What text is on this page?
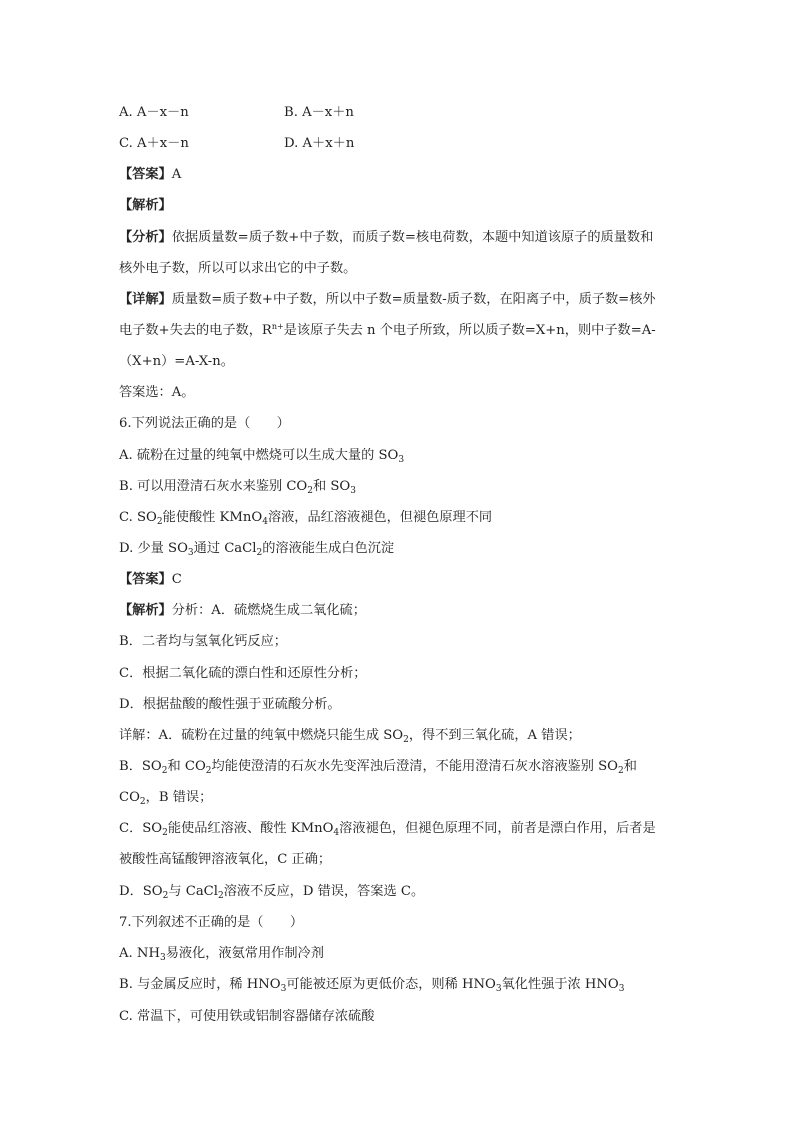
A. A－x－n	B. A－x＋n
C. A＋x－n	D. A＋x＋n
【答案】A
【解析】
【分析】依据质量数=质子数+中子数，而质子数=核电荷数，本题中知道该原子的质量数和
核外电子数，所以可以求出它的中子数。
【详解】质量数=质子数+中子数，所以中子数=质量数-质子数，在阳离子中，质子数=核外
电子数+失去的电子数，$R^{n+}$是该原子失去 n 个电子所致，所以质子数=X+n，则中子数=A-
（X+n）=A-X-n。
答案选：A。
6.下列说法正确的是（　　）
A. 硫粉在过量的纯氧中燃烧可以生成大量的 $SO_3$
B. 可以用澄清石灰水来鉴别 $CO_2$和 $SO_3$
C. $SO_2$能使酸性 KMnO$_4$溶液，品红溶液褪色，但褪色原理不同
D. 少量 $SO_3$通过 CaCl$_2$的溶液能生成白色沉淀
【答案】C
【解析】分析：A．硫燃烧生成二氧化硫；
B．二者均与氢氧化钙反应；
C．根据二氧化硫的漂白性和还原性分析；
D．根据盐酸的酸性强于亚硫酸分析。
详解：A．硫粉在过量的纯氧中燃烧只能生成 $SO_2$，得不到三氧化硫，A 错误；
B．$SO_2$和 $CO_2$均能使澄清的石灰水先变浑浊后澄清，不能用澄清石灰水溶液鉴别 $SO_2$和
$CO_2$，B 错误；
C．$SO_2$能使品红溶液、酸性 KMnO$_4$溶液褪色，但褪色原理不同，前者是漂白作用，后者是
被酸性高锰酸钾溶液氧化，C 正确；
D．$SO_2$与 CaCl$_2$溶液不反应，D 错误，答案选 C。
7.下列叙述不正确的是（　　）
A. $NH_3$易液化，液氨常用作制冷剂
B. 与金属反应时，稀 $HNO_3$可能被还原为更低价态，则稀 $HNO_3$氧化性强于浓 $HNO_3$
C. 常温下，可使用铁或铝制容器储存浓硫酸
